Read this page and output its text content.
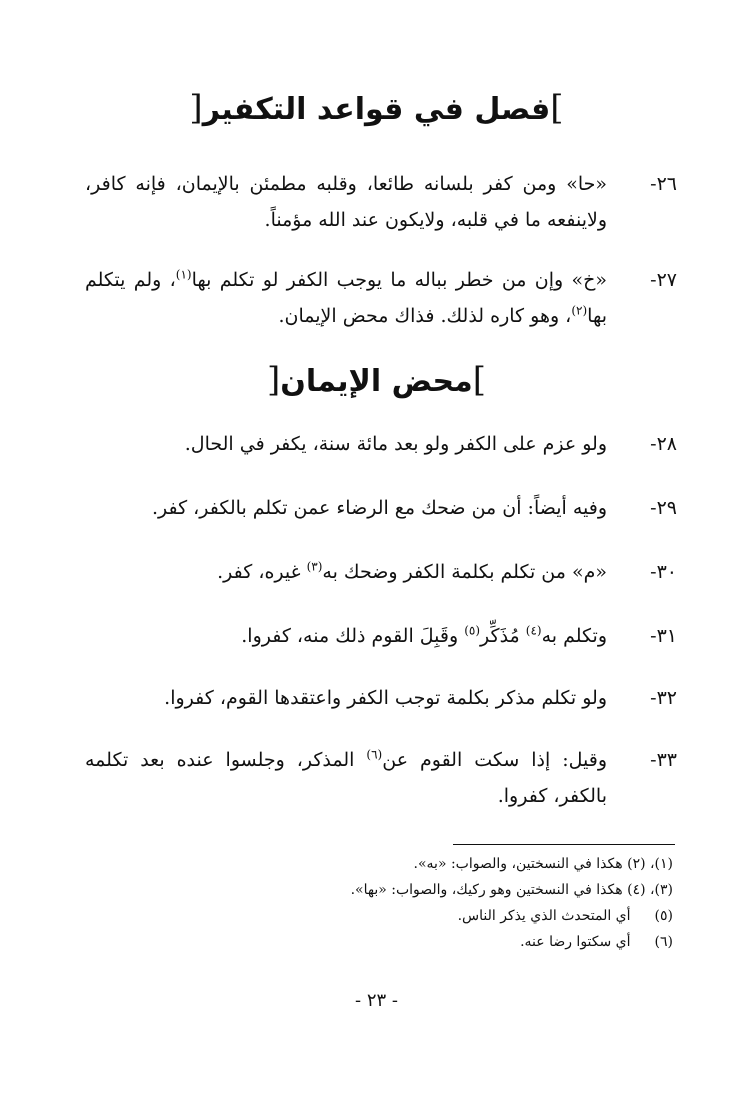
]فصل في قواعد التكفير[
٢٦-
«حا» ومن كفر بلسانه طائعا، وقلبه مطمئن بالإيمان، فإنه كافر، ولاينفعه ما في قلبه، ولايكون عند الله مؤمناً.
٢٧-
«خ» وإن من خطر بباله ما يوجب الكفر لو تكلم بها$^{(١)}$، ولم يتكلم بها$^{(٢)}$، وهو كاره لذلك. فذاك محض الإيمان.
]محض الإيمان[
٢٨-
ولو عزم على الكفر ولو بعد مائة سنة، يكفر في الحال.
٢٩-
وفيه أيضاً: أن من ضحك مع الرضاء عمن تكلم بالكفر، كفر.
٣٠-
«م» من تكلم بكلمة الكفر وضحك به$^{(٣)}$ غيره، كفر.
٣١-
وتكلم به$^{(٤)}$ مُذَكِّر$^{(٥)}$ وقَبِلَ القوم ذلك منه، كفروا.
٣٢-
ولو تكلم مذكر بكلمة توجب الكفر واعتقدها القوم، كفروا.
٣٣-
وقيل: إذا سكت القوم عن$^{(٦)}$ المذكر، وجلسوا عنده بعد تكلمه بالكفر، كفروا.
(١)، (٢) هكذا في النسختين، والصواب: «به».
(٣)، (٤) هكذا في النسختين وهو ركيك، والصواب: «بها».
(٥) أي المتحدث الذي يذكر الناس.
(٦) أي سكتوا رضا عنه.
- ٢٣ -
